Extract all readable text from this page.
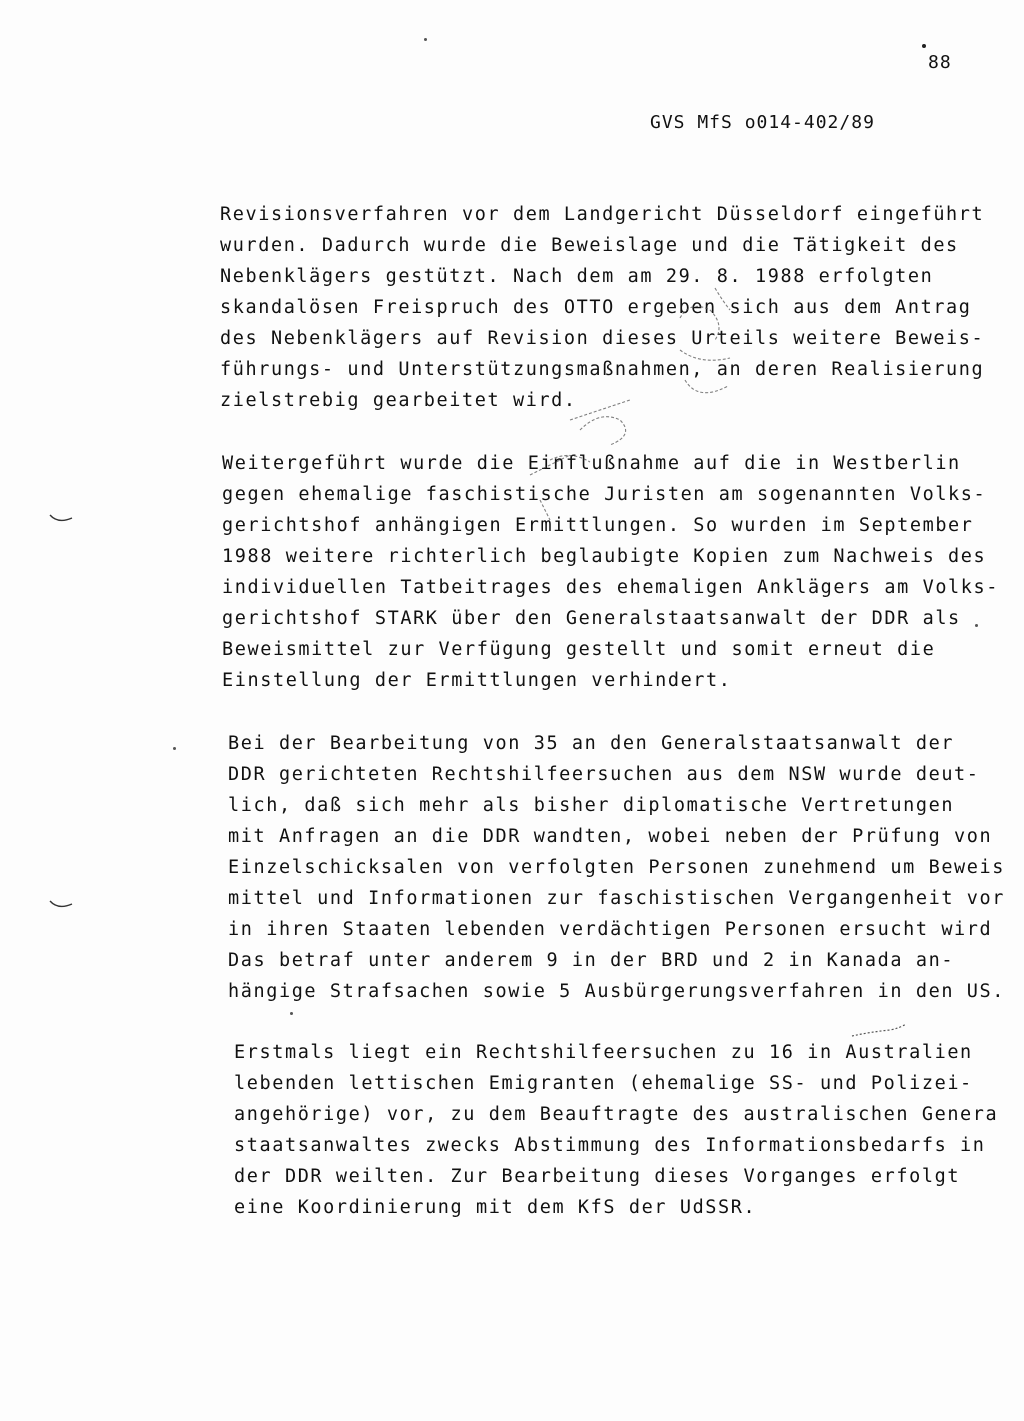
88
GVS MfS o014-402/89
Revisionsverfahren vor dem Landgericht Düsseldorf eingeführt
wurden. Dadurch wurde die Beweislage und die Tätigkeit des
Nebenklägers gestützt. Nach dem am 29. 8. 1988 erfolgten
skandalösen Freispruch des OTTO ergeben sich aus dem Antrag
des Nebenklägers auf Revision dieses Urteils weitere Beweis-
führungs- und Unterstützungsmaßnahmen, an deren Realisierung
zielstrebig gearbeitet wird.
Weitergeführt wurde die Einflußnahme auf die in Westberlin
gegen ehemalige faschistische Juristen am sogenannten Volks-
gerichtshof anhängigen Ermittlungen. So wurden im September
1988 weitere richterlich beglaubigte Kopien zum Nachweis des
individuellen Tatbeitrages des ehemaligen Anklägers am Volks-
gerichtshof STARK über den Generalstaatsanwalt der DDR als
Beweismittel zur Verfügung gestellt und somit erneut die
Einstellung der Ermittlungen verhindert.
Bei der Bearbeitung von 35 an den Generalstaatsanwalt der
DDR gerichteten Rechtshilfeersuchen aus dem NSW wurde deut-
lich, daß sich mehr als bisher diplomatische Vertretungen
mit Anfragen an die DDR wandten, wobei neben der Prüfung von
Einzelschicksalen von verfolgten Personen zunehmend um Beweis
mittel und Informationen zur faschistischen Vergangenheit vor
in ihren Staaten lebenden verdächtigen Personen ersucht wird
Das betraf unter anderem 9 in der BRD und 2 in Kanada an-
hängige Strafsachen sowie 5 Ausbürgerungsverfahren in den US.
Erstmals liegt ein Rechtshilfeersuchen zu 16 in Australien
lebenden lettischen Emigranten (ehemalige SS- und Polizei-
angehörige) vor, zu dem Beauftragte des australischen Genera
staatsanwaltes zwecks Abstimmung des Informationsbedarfs in
der DDR weilten. Zur Bearbeitung dieses Vorganges erfolgt
eine Koordinierung mit dem KfS der UdSSR.
